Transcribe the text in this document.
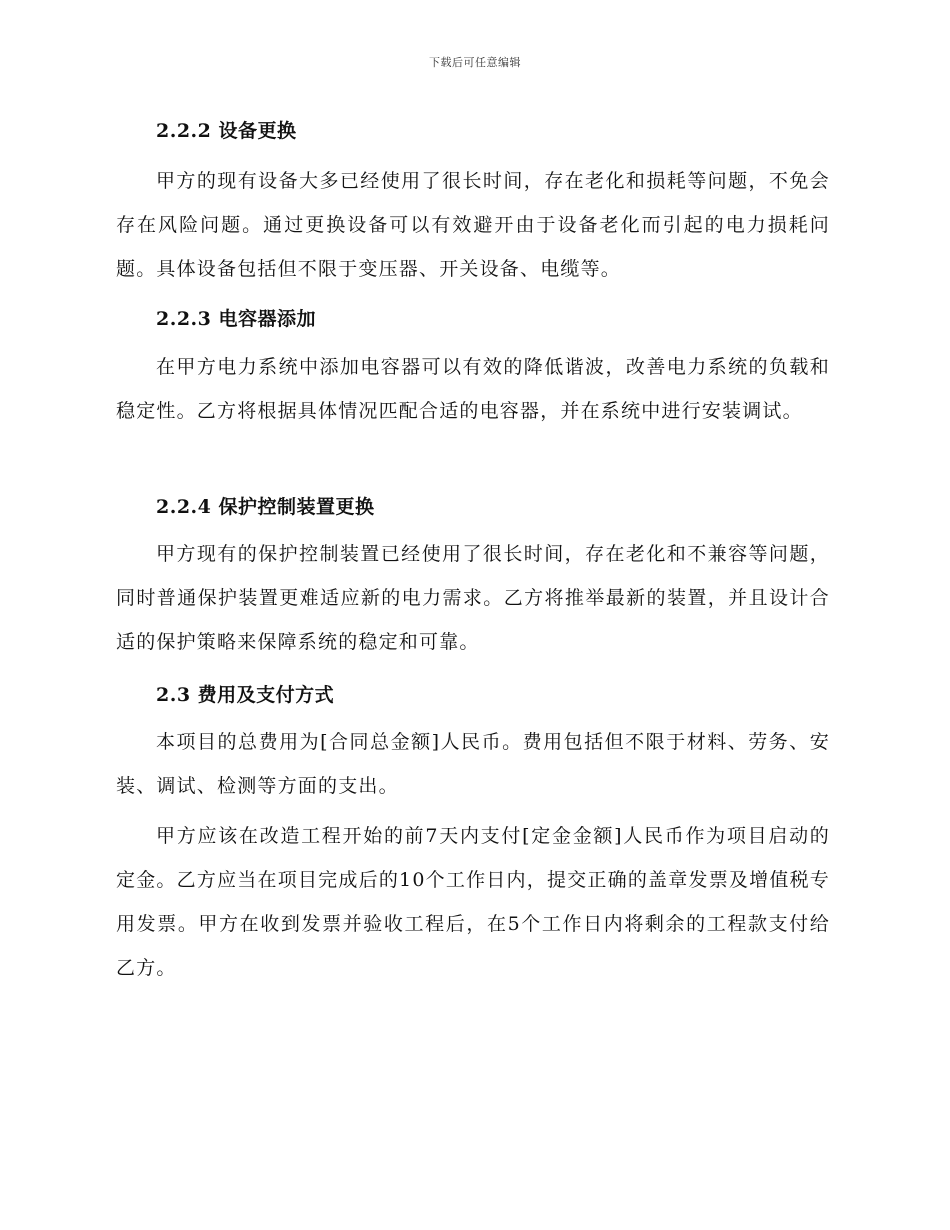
下载后可任意编辑
2.2.2 设备更换

甲方的现有设备大多已经使用了很长时间，存在老化和损耗等问题，不免会存在风险问题。通过更换设备可以有效避开由于设备老化而引起的电力损耗问题。具体设备包括但不限于变压器、开关设备、电缆等。

2.2.3 电容器添加

在甲方电力系统中添加电容器可以有效的降低谐波，改善电力系统的负载和稳定性。乙方将根据具体情况匹配合适的电容器，并在系统中进行安装调试。

2.2.4 保护控制装置更换

甲方现有的保护控制装置已经使用了很长时间，存在老化和不兼容等问题，同时普通保护装置更难适应新的电力需求。乙方将推举最新的装置，并且设计合适的保护策略来保障系统的稳定和可靠。

2.3 费用及支付方式

本项目的总费用为[合同总金额]人民币。费用包括但不限于材料、劳务、安装、调试、检测等方面的支出。

甲方应该在改造工程开始的前7天内支付[定金金额]人民币作为项目启动的定金。乙方应当在项目完成后的10个工作日内，提交正确的盖章发票及增值税专用发票。甲方在收到发票并验收工程后，在5个工作日内将剩余的工程款支付给乙方。
